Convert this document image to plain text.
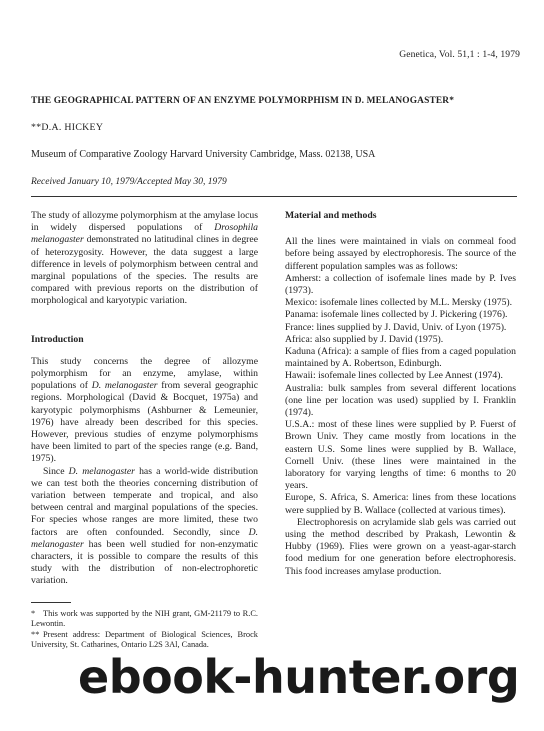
Genetica, Vol. 51,1 : 1-4, 1979
THE GEOGRAPHICAL PATTERN OF AN ENZYME POLYMORPHISM IN D. MELANOGASTER*
**D.A. HICKEY
Museum of Comparative Zoology Harvard University Cambridge, Mass. 02138, USA
Received January 10, 1979/Accepted May 30, 1979

The study of allozyme polymorphism at the amylase locus in widely dispersed populations of Drosophila melanogaster demonstrated no latitudinal clines in degree of heterozygosity. However, the data suggest a large difference in levels of polymorphism between central and marginal populations of the species. The results are compared with previous reports on the distribution of morphological and karyotypic variation.

Introduction

This study concerns the degree of allozyme polymorphism for an enzyme, amylase, within populations of D. melanogaster from several geographic regions. Morphological (David & Bocquet, 1975a) and karyotypic polymorphisms (Ashburner & Lemeunier, 1976) have already been described for this species. However, previous studies of enzyme polymorphisms have been limited to part of the species range (e.g. Band, 1975).

Since D. melanogaster has a world-wide distribution we can test both the theories concerning distribution of variation between temperate and tropical, and also between central and marginal populations of the species. For species whose ranges are more limited, these two factors are often confounded. Secondly, since D. melanogaster has been well studied for non-enzymatic characters, it is possible to compare the results of this study with the distribution of non-electrophoretic variation.

* This work was supported by the NIH grant, GM-21179 to R.C. Lewontin.

** Present address: Department of Biological Sciences, Brock University, St. Catharines, Ontario L2S 3Al, Canada.

Material and methods

All the lines were maintained in vials on cornmeal food before being assayed by electrophoresis. The source of the different population samples was as follows:

Amherst: a collection of isofemale lines made by P. Ives (1973).

Mexico: isofemale lines collected by M.L. Mersky (1975).

Panama: isofemale lines collected by J. Pickering (1976).

France: lines supplied by J. David, Univ. of Lyon (1975).

Africa: also supplied by J. David (1975).

Kaduna (Africa): a sample of flies from a caged population maintained by A. Robertson, Edinburgh.

Hawaii: isofemale lines collected by Lee Annest (1974).

Australia: bulk samples from several different locations (one line per location was used) supplied by I. Franklin (1974).

U.S.A.: most of these lines were supplied by P. Fuerst of Brown Univ. They came mostly from locations in the eastern U.S. Some lines were supplied by B. Wallace, Cornell Univ. (these lines were maintained in the laboratory for varying lengths of time: 6 months to 20 years.

Europe, S. Africa, S. America: lines from these locations were supplied by B. Wallace (collected at various times).

Electrophoresis on acrylamide slab gels was carried out using the method described by Prakash, Lewontin & Hubby (1969). Flies were grown on a yeast-agar-starch food medium for one generation before electrophoresis. This food increases amylase production.

ebook-hunter.org
